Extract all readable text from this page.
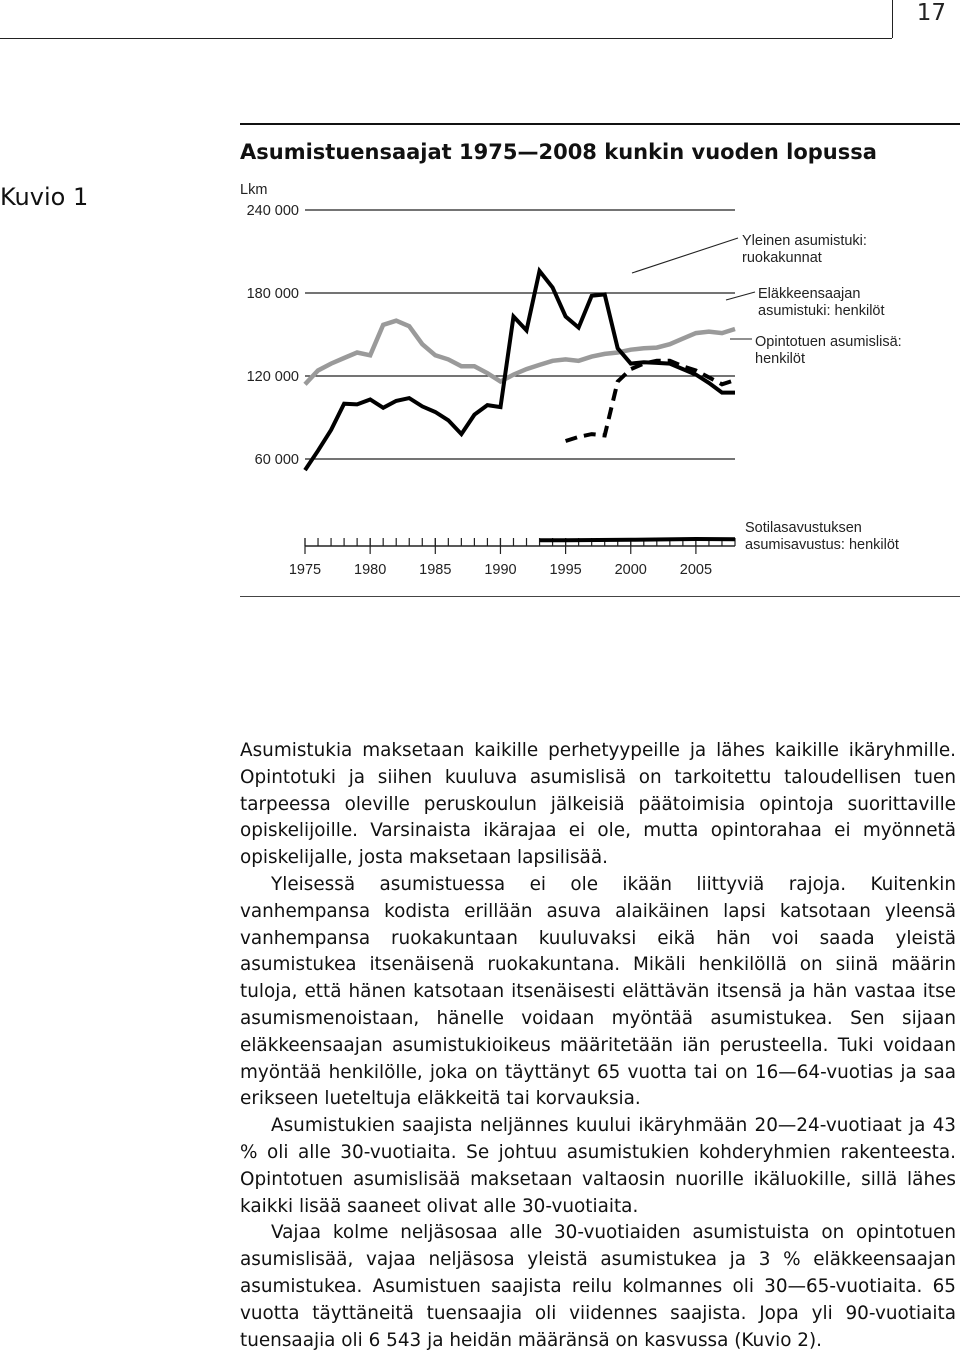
17
Kuvio 1
Asumistuensaajat 1975—2008 kunkin vuoden lopussa
Lkm
240 000
180 000
120 000
60 000
1975 1980 1985 1990 1995 2000 2005
Yleinen asumistuki:
ruokakunnat
Eläkkeensaajan
asumistuki: henkilöt
Opintotuen asumislisä:
henkilöt
Sotilasavustuksen
asumisavustus: henkilöt

Asumistukia maksetaan kaikille perhetyypeille ja lähes kaikille ikäryhmille. Opintotuki ja siihen kuuluva asumislisä on tarkoitettu taloudellisen tuen tarpeessa oleville peruskoulun jälkeisiä päätoimisia opintoja suorittaville opiskelijoille. Varsinaista ikärajaa ei ole, mutta opintorahaa ei myönnetä opiskelijalle, josta maksetaan lapsilisää.

Yleisessä asumistuessa ei ole ikään liittyviä rajoja. Kuitenkin vanhempansa kodista erillään asuva alaikäinen lapsi katsotaan yleensä vanhempansa ruokakuntaan kuuluvaksi eikä hän voi saada yleistä asumistukea itsenäisenä ruokakuntana. Mikäli henkilöllä on siinä määrin tuloja, että hänen katsotaan itsenäisesti elättävän itsensä ja hän vastaa itse asumismenoistaan, hänelle voidaan myöntää asumistukea. Sen sijaan eläkkeensaajan asumistukioikeus määritetään iän perusteella. Tuki voidaan myöntää henkilölle, joka on täyttänyt 65 vuotta tai on 16—64-vuotias ja saa erikseen lueteltuja eläkkeitä tai korvauksia.

Asumistukien saajista neljännes kuului ikäryhmään 20—24-vuotiaat ja 43 % oli alle 30-vuotiaita. Se johtuu asumistukien kohderyhmien rakenteesta. Opintotuen asumislisää maksetaan valtaosin nuorille ikäluokille, sillä lähes kaikki lisää saaneet olivat alle 30-vuotiaita.

Vajaa kolme neljäsosaa alle 30-vuotiaiden asumistuista on opintotuen asumislisää, vajaa neljäsosa yleistä asumistukea ja 3 % eläkkeensaajan asumistukea. Asumistuen saajista reilu kolmannes oli 30—65-vuotiaita. 65 vuotta täyttäneitä tuensaajia oli viidennes saajista. Jopa yli 90-vuotiaita tuensaajia oli 6 543 ja heidän määränsä on kasvussa (Kuvio 2).
